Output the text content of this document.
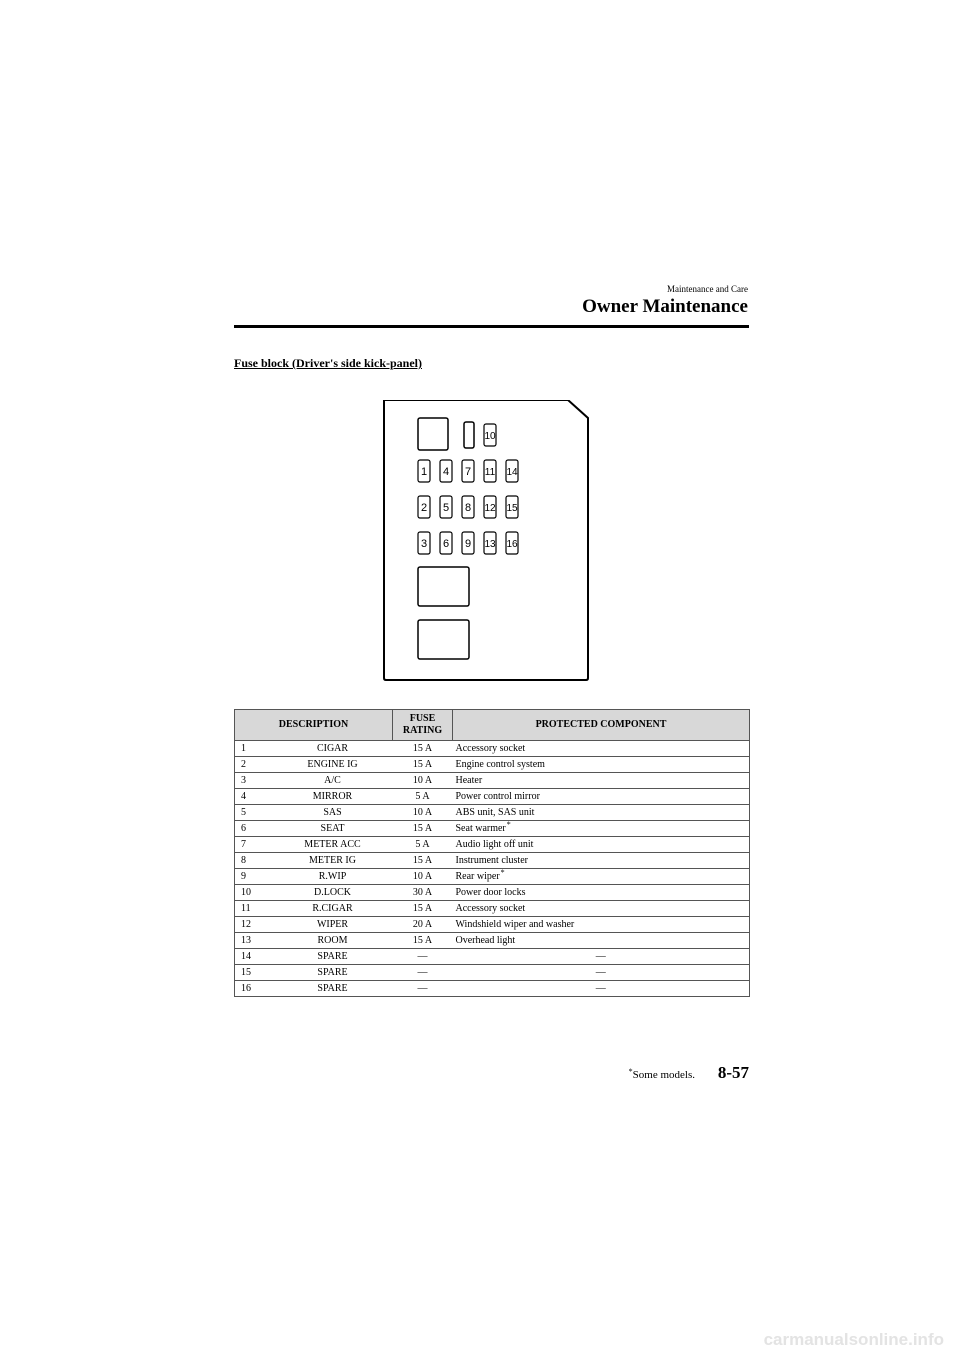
Maintenance and Care
Owner Maintenance
Fuse block (Driver's side kick-panel)
10
1 4 7 11 14
2 5 8 12 15
3 6 9 13 16
DESCRIPTION		FUSE
RATING	PROTECTED COMPONENT
1	CIGAR	15 A	Accessory socket
2	ENGINE IG	15 A	Engine control system
3	A/C	10 A	Heater
4	MIRROR	5 A	Power control mirror
5	SAS	10 A	ABS unit, SAS unit
6	SEAT	15 A	Seat warmer*
7	METER ACC	5 A	Audio light off unit
8	METER IG	15 A	Instrument cluster
9	R.WIP	10 A	Rear wiper*
10	D.LOCK	30 A	Power door locks
11	R.CIGAR	15 A	Accessory socket
12	WIPER	20 A	Windshield wiper and washer
13	ROOM	15 A	Overhead light
14	SPARE	—	—
15	SPARE	—	—
16	SPARE	—	—
*Some models. 8-57
carmanualsonline.info
